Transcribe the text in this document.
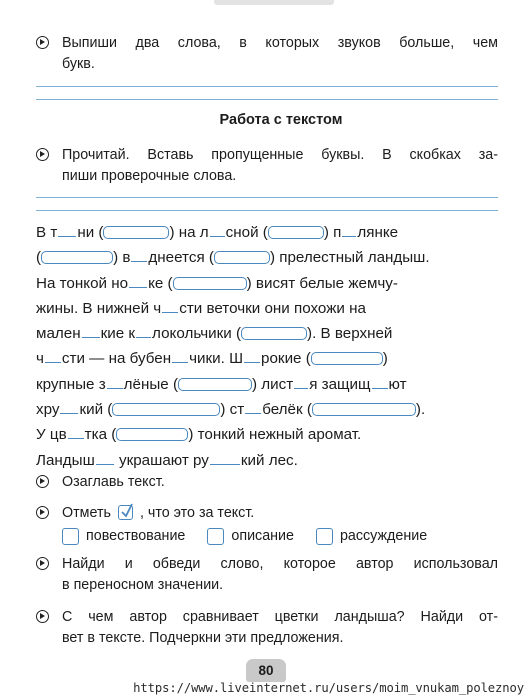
Выпиши два слова, в которых звуков больше, чем
букв.
Работа с текстом
Прочитай. Вставь пропущенные буквы. В скобках за-
пиши проверочные слова.
В т ни (	) на л сной (	) п лянке
(	) в днеется (	) прелестный ландыш.
На тонкой но ке (	) висят белые жемчу-
жины. В нижней ч сти веточки они похожи на
мален кие к локольчики (	). В верхней
ч сти — на бубен чики. Ш рокие (	)
крупные з лёные (	) лист я защищ ют
хру кий (	) ст белёк (	).
У цв тка (	) тонкий нежный аромат.
Ландыш украшают ру кий лес.
Озаглавь текст.
Отметь , что это за текст.
повествование
	описание
	рассуждение
Найди и обведи слово, которое автор использовал
в переносном значении.
С чем автор сравнивает цветки ландыша? Найди от-
вет в тексте. Подчеркни эти предложения.
80
https://www.liveinternet.ru/users/moim_vnukam_poleznoy
